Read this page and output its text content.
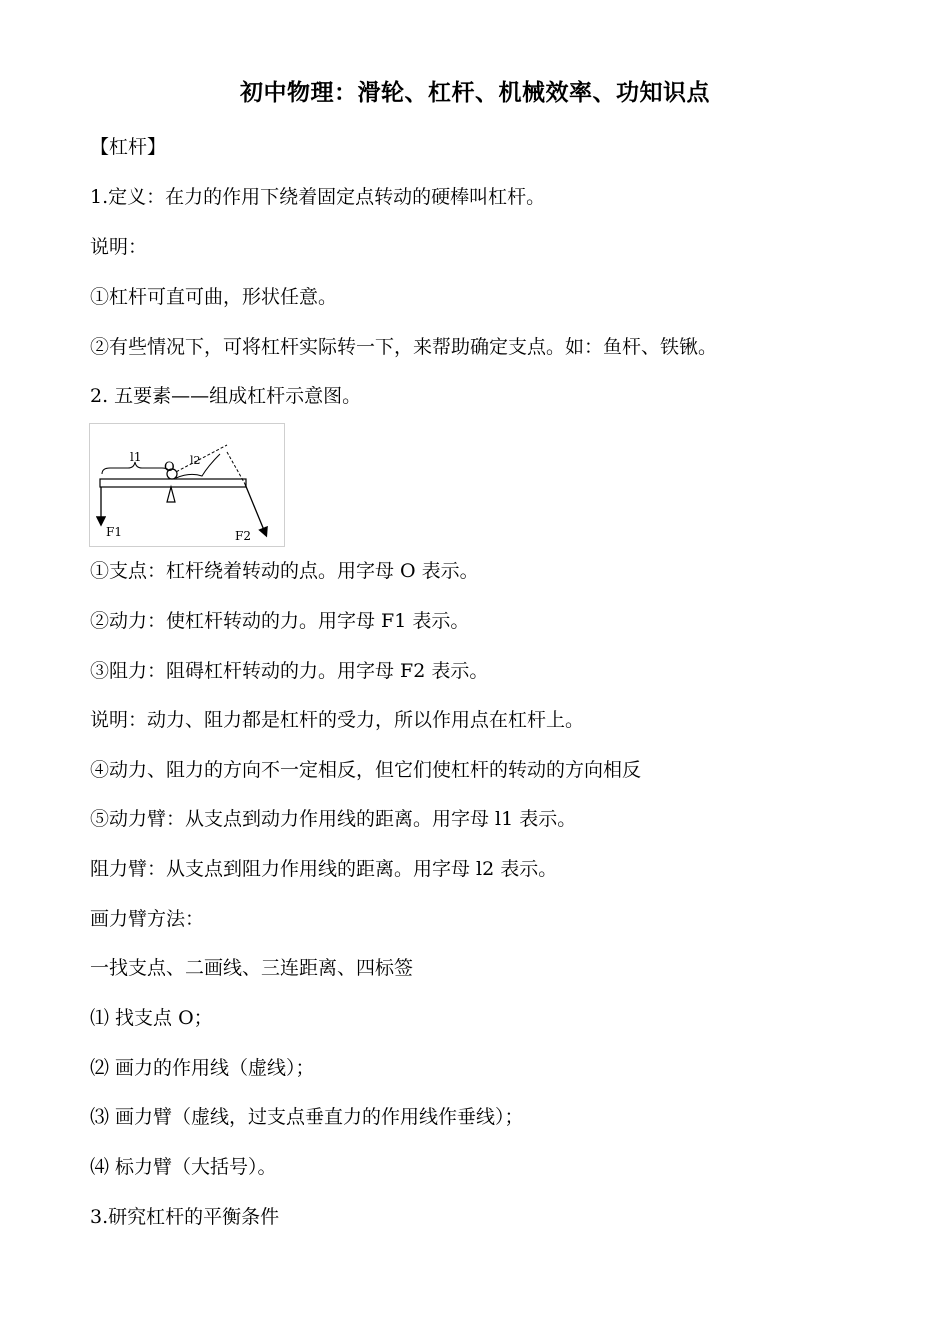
初中物理：滑轮、杠杆、机械效率、功知识点
【杠杆】
1.定义：在力的作用下绕着固定点转动的硬棒叫杠杆。
说明：
①杠杆可直可曲，形状任意。
②有些情况下，可将杠杆实际转一下，来帮助确定支点。如：鱼杆、铁锹。
2. 五要素——组成杠杆示意图。
l1
O l2
F1	F2
①支点：杠杆绕着转动的点。用字母 O 表示。
②动力：使杠杆转动的力。用字母 F1 表示。
③阻力：阻碍杠杆转动的力。用字母 F2 表示。
说明：动力、阻力都是杠杆的受力，所以作用点在杠杆上。
④动力、阻力的方向不一定相反，但它们使杠杆的转动的方向相反
⑤动力臂：从支点到动力作用线的距离。用字母 l1 表示。
阻力臂：从支点到阻力作用线的距离。用字母 l2 表示。
画力臂方法：
一找支点、二画线、三连距离、四标签
⑴ 找支点 O；
⑵ 画力的作用线（虚线）；
⑶ 画力臂（虚线，过支点垂直力的作用线作垂线）；
⑷ 标力臂（大括号）。
3.研究杠杆的平衡条件
